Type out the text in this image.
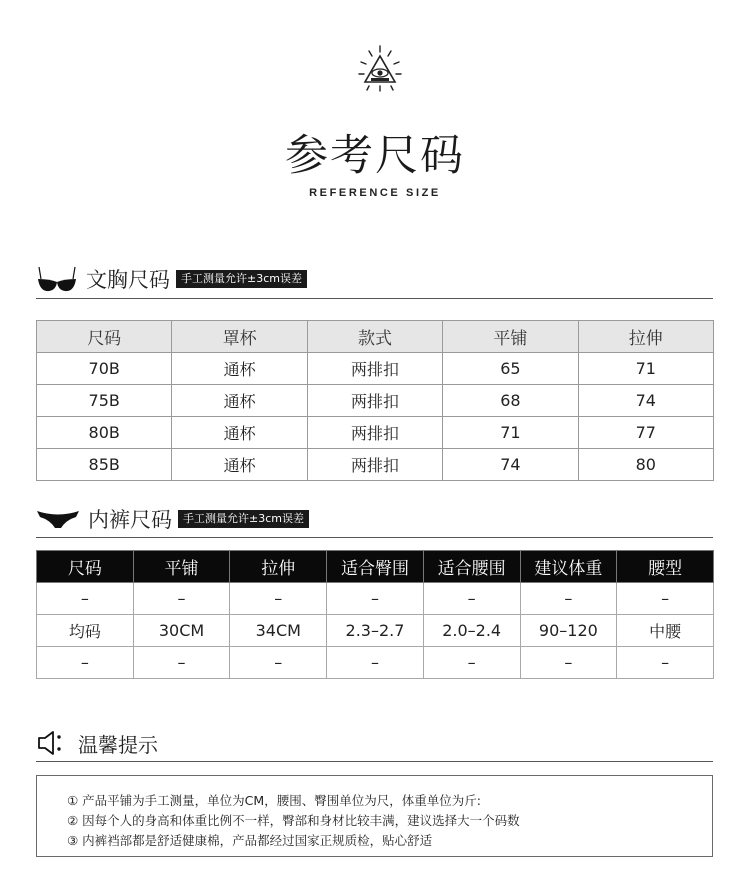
参考尺码
REFERENCE SIZE
文胸尺码	手工测量允许±3cm误差
尺码	罩杯	款式	平铺	拉伸
70B	通杯	两排扣	65	71
75B	通杯	两排扣	68	74
80B	通杯	两排扣	71	77
85B	通杯	两排扣	74	80
内裤尺码	手工测量允许±3cm误差
尺码	平铺	拉伸	适合臀围	适合腰围	建议体重	腰型
–	–	–	–	–	–	–
均码	30CM	34CM	2.3–2.7	2.0–2.4	90–120	中腰
–	–	–	–	–	–	–
温馨提示
① 产品平铺为手工测量，单位为CM，腰围、臀围单位为尺，体重单位为斤:
② 因每个人的身高和体重比例不一样，臀部和身材比较丰满，建议选择大一个码数
③ 内裤裆部都是舒适健康棉，产品都经过国家正规质检，贴心舒适
